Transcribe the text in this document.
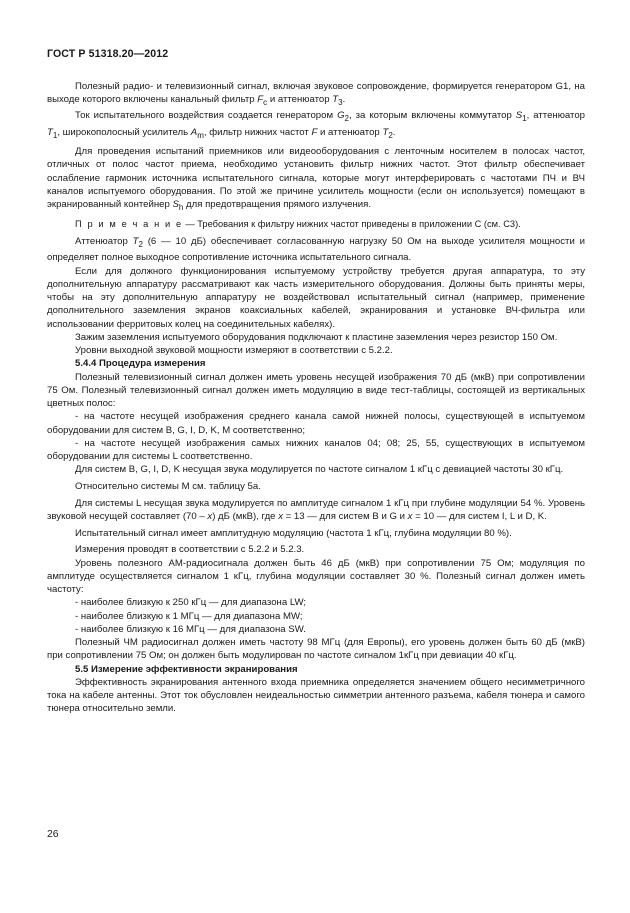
ГОСТ Р 51318.20—2012

Полезный радио- и телевизионный сигнал, включая звуковое сопровождение, формируется генератором G1, на выходе которого включены канальный фильтр $F_c$ и аттенюатор $T_3$.

Ток испытательного воздействия создается генератором $G_2$, за которым включены коммутатор $S_1$, аттенюатор $T_1$, широкополосный усилитель $A_m$, фильтр нижних частот F и аттенюатор $T_2$.

Для проведения испытаний приемников или видеооборудования с ленточным носителем в полосах частот, отличных от полос частот приема, необходимо установить фильтр нижних частот. Этот фильтр обеспечивает ослабление гармоник источника испытательного сигнала, которые могут интерферировать с частотами ПЧ и ВЧ каналов испытуемого оборудования. По этой же причине усилитель мощности (если он используется) помещают в экранированный контейнер $S_h$ для предотвращения прямого излучения.

П р и м е ч а н и е — Требования к фильтру нижних частот приведены в приложении С (см. С3).

Аттенюатор $T_2$ (6 — 10 дБ) обеспечивает согласованную нагрузку 50 Ом на выходе усилителя мощности и определяет полное выходное сопротивление источника испытательного сигнала.

Если для должного функционирования испытуемому устройству требуется другая аппаратура, то эту дополнительную аппаратуру рассматривают как часть измерительного оборудования. Должны быть приняты меры, чтобы на эту дополнительную аппаратуру не воздействовал испытательный сигнал (например, применение дополнительного заземления экранов коаксиальных кабелей, экранирования и установке ВЧ-фильтра или использовании ферритовых колец на соединительных кабелях).

Зажим заземления испытуемого оборудования подключают к пластине заземления через резистор 150 Ом.

Уровни выходной звуковой мощности измеряют в соответствии с 5.2.2.

5.4.4 Процедура измерения

Полезный телевизионный сигнал должен иметь уровень несущей изображения 70 дБ (мкВ) при сопротивлении 75 Ом. Полезный телевизионный сигнал должен иметь модуляцию в виде тест-таблицы, состоящей из вертикальных цветных полос:

- на частоте несущей изображения среднего канала самой нижней полосы, существующей в испытуемом оборудовании для систем В, G, I, D, K, M соответственно;

- на частоте несущей изображения самых нижних каналов 04; 08; 25, 55, существующих в испытуемом оборудовании для системы L соответственно.

Для систем В, G, I, D, K несущая звука модулируется по частоте сигналом 1 кГц с девиацией частоты 30 кГц.

Относительно системы M см. таблицу 5а.

Для системы L несущая звука модулируется по амплитуде сигналом 1 кГц при глубине модуляции 54 %. Уровень звуковой несущей составляет (70 – x) дБ (мкВ), где x = 13 — для систем В и G и x = 10 — для систем I, L и D, K.

Испытательный сигнал имеет амплитудную модуляцию (частота 1 кГц, глубина модуляции 80 %).

Измерения проводят в соответствии с 5.2.2 и 5.2.3.

Уровень полезного АМ-радиосигнала должен быть 46 дБ (мкВ) при сопротивлении 75 Ом; модуляция по амплитуде осуществляется сигналом 1 кГц, глубина модуляции составляет 30 %. Полезный сигнал должен иметь частоту:

- наиболее близкую к 250 кГц — для диапазона LW;

- наиболее близкую к 1 МГц — для диапазона MW;

- наиболее близкую к 16 МГц — для диапазона SW.

Полезный ЧМ радиосигнал должен иметь частоту 98 МГц (для Европы), его уровень должен быть 60 дБ (мкВ) при сопротивлении 75 Ом; он должен быть модулирован по частоте сигналом 1кГц при девиации 40 кГц.

5.5 Измерение эффективности экранирования

Эффективность экранирования антенного входа приемника определяется значением общего несимметричного тока на кабеле антенны. Этот ток обусловлен неидеальностью симметрии антенного разъема, кабеля тюнера и самого тюнера относительно земли.

26
